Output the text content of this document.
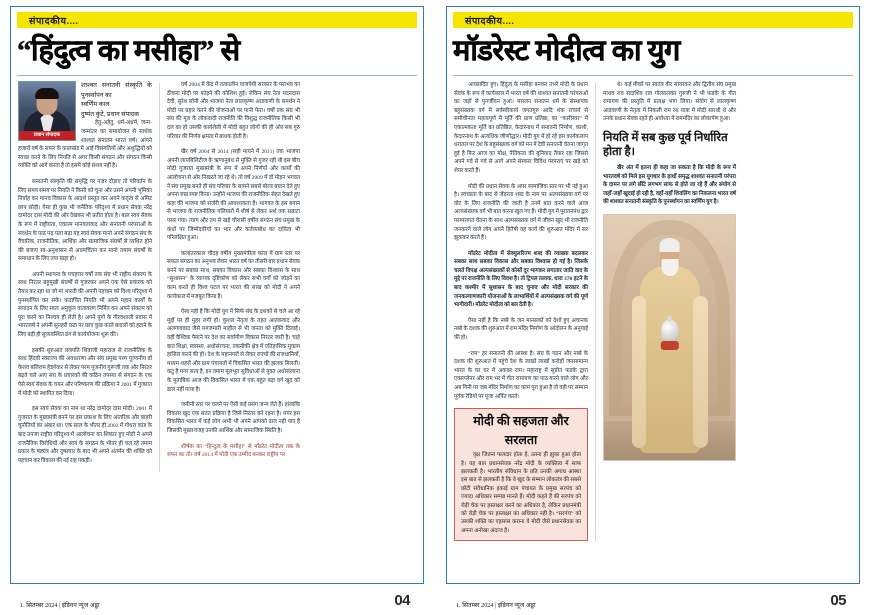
संपादकीय....
“हिंदुत्व का मसीहा” से
प्रधान संपादक
शाश्वत सनातनी संस्कृति के पुनर्स्थापन का
स्वर्णिम काल
दुष्यंत कुंटे, प्रधान संपादक

हेतु-अहेतु, धर्म-अधर्म, जन्म-जन्मांतर का समायोजन से सार्थक शाश्वत सनातन भारत वर्ष। आपने हजारों वर्ष के सफर के कालखंड में आई विसंगतियों और अशुद्धियों को स्वच्छ करने के लिए नियति से अगर किसी संगठन और संगठन किसी व्यक्ति को आगे करता है तो इसमें कोई संशय नहीं है।

सनातनी संस्कृति की समृद्धि पर नजर दौड़ाए तो परिवर्तन के लिए समय समय पर नियति ने किसी को चुना और उसने अपनी भूमिका निर्वाह कर मानव विकास के आदर्श प्रस्तुत कर अपने कतृत्व से अमिट छाप छोड़ी। ऐसा ही कुछ भी जनैतिक परिदृश्य में प्रधान सेवक नरेंद्र दामोदर दास मोदी की ओर देखकर भी प्रतीत होता है। बाल स्वयं सेवक के रूप में राष्ट्रीयता, एकात्म मानवतावाद और सनातनी परंपराओं के संवर्धन के पाठ पढ़ पला बढ़ा यह स्वयं सेवक मानो अपने संगठन संघ के वैचारिक, राजनीतिक, आर्थिक और सामाजिक संघर्षों से व्यथित होने की बजाए स्व-अनुशासन से आत्मचिंतन कर मानो तमाम संघर्षों के समाधान के लिए तपा खड़ा हो।

अपनी स्थापना के पचहत्तर वर्षों तक संघ भी राष्ट्रीय संकल्प के साथ निरंतर बहुमुखी संघर्षों से गुजरकर अपने एक ऐसे प्रचारक को तैयार कर रहा था जो मां भारती की अपनी पहचान को विश्व परिदृश्य में पुनर्स्थापित कर सके। कदाचित नियति भी अपने महान कार्यों के संपादन के लिए स्वतः अनुकूल वातावरण निर्मित कर अपने संकल्प को पूरा करने का निश्चय ही लेती है। अपने युगों के गौरवशाली प्रवास में भारतवर्ष ने अपनी सुनहरी छटा पर छाए कुछ काले बादलों को हटाने के लिए बड़ी ही सुव्यवस्थित ढंग से कार्ययोजना शुरू की।

इसकी शुरुआत छत्रपति शिवाजी महाराज से राजनीतिक के साथ हिंदवी स्वराज्य की अवधारणा और संघ प्रमुख परम पूज्यनीय डॉ केशव बलिराम हेडगेवार से लेकर परम पूजनीय गुरूजी तक और निरंतर बढ़ते चले आए संघ के प्रचारकों की कठिन तपस्या से संगठन के एक ऐसे स्वयं सेवक के चयन और परिष्करण की प्रक्रिया ने 2001 में गुजरात में मोदी को स्थापित कर दिया।

इस स्वयं सेवक का नाम था नरेंद्र दामोदर दास मोदी। 2001 में गुजरात के मुख्यमंत्री बनने पर इस प्रकाश के लिए आंतरिक और बाहरी चुनौतियों का अंबार था। एक साल के भीतर ही 2002 में गोधरा कांड के बाद उपजा राष्ट्रीय परिदृश्य में आलोचना का शिकार हुए मोदी ने अपने राजनैतिक विरोधियों और स्वयं के संगठन के भीतर ही चल रहे तमाम प्रकार के षड्यंत्र और दुष्प्रचार के बाद भी अपने अंतर्मन की शक्ति को पहचान कर विकास की नई राह पकड़ी।

वर्ष 2004 में केंद्र में तत्कालीन वाजपेयी सरकार के पराभव का ठीकरा मोदी पर फोड़ने की कोशिश हुई। लेकिन संघ नेता मदनदास देवी, सुरेश सोनी और भाजपा नेता लालकृष्ण आडवाणी के समर्थन ने मोदी पर प्रहार करने की योजनाओं पर पानी फेरा। वर्षों तक संघ भी संघ की मूल के लोकवादी राजनीति की विशुद्ध राजनीतिक किसी भी दल का हो उसकी कार्यशैली में मोदी बहुत लोगों की ही ओर सब गुरु परिवार की निर्णय क्षमता में बाधक होती है।

खैर वर्ष 2004 से 2014 (सही मायने में 2011) तक भाजपा अपनी लायबिलिटीज के ऋणानुबंध से मुक्ति से गुजर रही थी इस बीच मोदी गुजरात मुख्यमंत्री के रूप में अपने निर्णयों और कार्यों की आलोचना से ओर निखरते जा रहे थे। तो वर्ष 2009 में डॉ मोहन भगवत ने संघ प्रमुख बनते ही संघ परिवार के सामने सबसे बोल्ड बयान देते हुए अपना रुख स्पष्ट किया। उन्होंने भाजपा की राजनीतिक सेहत देखते हुए कहा की भाजपा को सर्जरी की आवश्यकता है। भागवत के इस बयान से भाजपा के राजनीतिक गलियारों में शीर्ष से लेकर अर्श तक सन्नाटा पसर गया। त्याग और तप से खड़े चौरासी वर्षीय संगठन संघ प्रमुख के कंधों पर जिम्मेदारियों का भार और कर्तव्यबोध का दायित्व भी परिलक्षित हुआ।

कलांतरकाल चौदह वर्षीय मुख्यमंत्रीत्व काल में ग्राम स्तर पर सफल संगठन का अनुभव लेकर भारत वर्ष का तीसरी बार प्रधान सेवक बनने पर सबका साथ, सबका विकास और सबका विश्वास के साथ “सुशासन” के व्यापक दृष्टिकोण को लेकर सभी वर्गों को जोड़ने का काम करते ही विश्व पटल पर भारत की साख को मोदी ने अपने कार्यकाल में मजबूत किया है।

ऐसा नही है कि मोदी युग में सिर्फ संघ के दशकों से चले आ रहे मुद्दों पर ही मुहर लगी हो। कुशल नेतृत्व के तहत आतंकवाद और अलगाववाद जैसे मगजमारी माहौल से भी जनता को मुक्ति दिलाई। वहीं वैश्विक पैमाने पर देश का सर्वांगीण विकास निरंतर जारी है। चाहे बात शिक्षा, स्वास्थ्य, अधोसंरचना, तकनीकी क्षेत्र में एतिहासिक मुकाम हासिल करने की हो। देश के महानगरों से लेकर राज्यों की राजधानियों, मध्यम शहरों और ग्राम पंचायतों में विकसित भारत की झलक मिलती। कटु है मगर सत्य है, इन तमाम मूलभूत सुविधाओं से युक्त अधोसंरचना के मुताबिक आज की विकसित भारत में एक बहुत बड़ा वर्ग खुद को ढाल नहीं पाया है।

जमीनी स्तर पर चलने पर ऐसी कई प्रसंग जन्म लेते हैं। हांलाकि विकास खुद एक सतत प्रक्रिया है जिसे निरंतर बने रहना है। मगर इस विकसित भारत में कई लोग अभी भी अपने आपको ढाल नही पाए हैं जिसकी मुख्य वजह उनकी आर्थिक और सामाजिक स्थिति है।

शीर्षक का “हिन्दुत्व के मसीहा” से मॉडरेट मोदीत्व तक के सफर का तो। वर्ष 2014 में मोदी एक उम्मीद बनकर राष्ट्रीय पर

1. सितम्बर 2024 | इंडियन न्यूज अड्डा	04
संपादकीय....
मॉडरेस्ट मोदीत्व का युग

आच्छादित हुए। हिंदुत्व के मसीहा बनकर उभरे मोदी के प्रधान सेवक के रूप में कार्यकाल में भारत वर्ष की शाश्वत सनातनी परंपराओं का जड़ों से पुनर्जीवन हुआ। मसलन सनातन धर्म के संस्थापक बहुसंख्यक वर्ग में सर्वस्वीकार्य जगतगुरु आदि शंक राचार्य से समीचीनता महत्वपूर्ण में मूर्ति की प्राण प्रतिष्ठा, का “कारीस्वर” में एकात्मकता मूर्ति का प्रतिष्ठित, केदारनाथ में सनातनी निर्माण, काशी, केदारनाथ के अत्यधिक जीर्णोद्धार। मोदी युग में हो रहे इस कार्यकलाप धरातल पर देश के बहुसंख्यक वर्ग को मन में देवी सनातनी चेतना जागृत हुई है फिर आज का मोक्ष, नैतिकता की बुनियाद तैयार रहा जिससे अपने गर्व से गर्व से आगे अपने संस्कार विविध पंरपराएं पर खड़े को शेयर करते हैं।

मोदी की प्रधान सेवक के अपर सामाजिक स्तर पर भी नई हुआ है। स्वच्छता के बाद से जेंडरता शब्द के नाम पर अल्पसंख्यक वर्ग पर वोट के लिए राजनीति की जाती है उनमें बात करने वाले आज अल्पसंख्यक वर्ग भी बात करना खुल गए हैं। मोदी युग में पुरातनपंथ द्वार परम्परागत चेतना के साथ अल्पसंख्यक वर्ग में जीवन खुद भी राजनीति जनकरने वाले लोग अपने हितैषी वह कार्य की शुरुआत मंदिर में सर झुककर करते हैं।

मॉडरेट मोदीत्व में सेक्युलरिज्म शब्द की व्याख्या बदलकर सबका साथ सबका विकास और सबका विश्वास हो गई है। जिसके चलते विपक्ष अल्पसंख्यकों से कोसों दूर भागकर लगातार जाति वाद के मुद्दे पर राजनीति के लिए विवश है। तो ट्रिपल तलाक, धारा 370 हटने के बाद कश्मीर में सुशासन के बाद चुनाव और मोदी सरकार की जनकल्याणकारी योजनाओं के लाभार्थियों में अल्पसंख्यक वर्ग की पूर्ण भागीदारी। मॉडरेट मोदीत्व को बल देती है।

ऐसा नहीं है कि नब्बे के जन मानसकों को देशों हुए अचानक नब्बे के दशक की शुरुआत में राम मंदिर निर्माण के आंदोलन के अनुयाई की हो।

“राम” हर सनातनी की आस्था है। संघ के गठन और नब्बे के दशक की शुरुआत में पहुंचे देश के लाखों लाखों करोड़ों जनसामान्य भारत के घर घर में अकबर राम। महाराष्ट्र में सुप्रीत फडके द्वारा एक्सप्लेनर और राम भर में गीत रामायण का पाठ करने वाले लोग और अब गिनी पर जब मंदिर निर्माण का काम पूरा हुआ है तो वही पर सम्मान पूर्वक रेडियो पर पूजा अर्पित करते।

मोदी की सहजता और सरलता
वृक्ष जितना फलदार होता है, उतना ही झुका हुआ होता है। यह बात प्रधानसेवक नरेंद्र मोदी के व्यक्तित्व में साफ झलकती है। भारतीय संविधान के प्रति उनकी अगाध आस्था इस बात से झलकती है कि वे खुद के सम्मान लोकतंत्र की सबसे छोटी संवैधानिक इकाई ग्राम पंचायत के प्रमुख सरपंच को ज्यादा अधिकार सम्पन्न मानते हैं। मोदी कहते हैं की सरपंच को रोड़ी चेक पर हस्ताक्षर करने का अधिकार है, लेकिन प्रधानमंत्री को रोड़ी चेक पर हस्ताक्षर का अधिकार नही है। “सरपंच” को उसकी शक्ति का एहसास कराना ये मोदी जैसे प्रधानसेवक का अपना अनोखा अंदाज है।

थे। कई मौकों पर स्वतंत्र वीर सावरकर और द्वितीय संघ प्रमुख माधव राव सदाशिव राव गोलवलकर गुरुजी ने भी फडके के गीत रामायण की प्रस्तुति में प्रत्यक्ष भाग लिया। संयोग से लालकृष्ण आडवाणी के नेतृत्व में निकली राम रथ यात्रा में मोदी सारथी थे और उनके प्रधान सेवक रहते ही अयोध्या में राममंदिर का लोकार्पण हुआ।

नियति में सब कुछ पूर्व निर्धारित होता है।

खैर अंत में इतना ही कहा जा सकता है कि मोदी के रूप में भारतवर्ष को मिले इस युगधार के हाथों समृद्ध शाश्वत सनातनी परंपरा के दामन पर लगे छींटे लगभग साफ से होते जा रहे हैं और संयोग से जहाँ-जहाँ खुदाई हो रही है, वहाँ-वहाँ शिवलिंग का निकलना भारत वर्ष की शाश्वत सनातनी संस्कृति के पुनर्स्थापन का स्वर्णिम युग है।

1. सितम्बर 2024 | इंडियन न्यूज अड्डा	05
